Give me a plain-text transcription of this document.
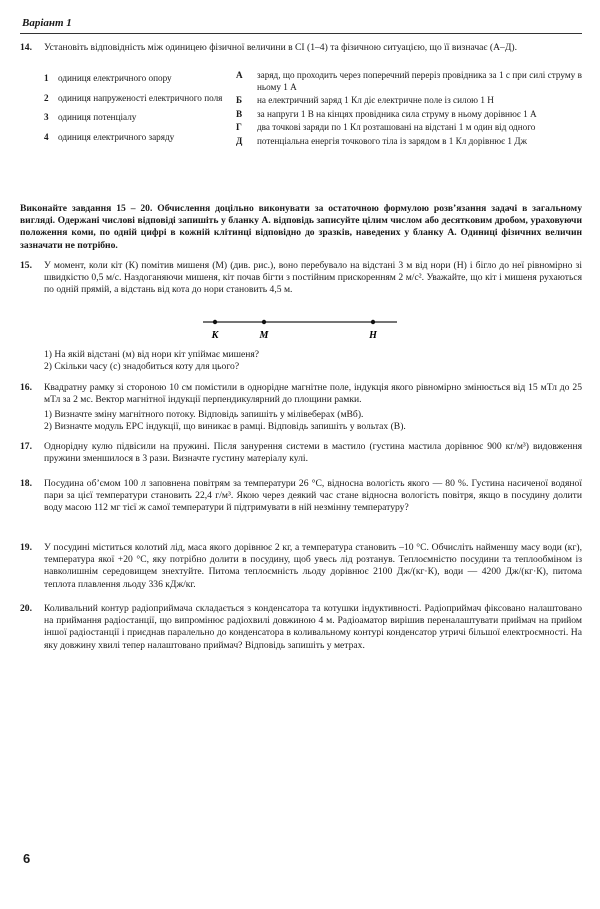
Варіант 1
14. Установіть відповідність між одиницею фізичної величини в СІ (1–4) та фізичною ситуацією, що її визначає (А–Д).
1 одиниця електричного опору
2 одиниця напруженості електричного поля
3 одиниця потенціалу
4 одиниця електричного заряду
А заряд, що проходить через поперечний переріз провідника за 1 с при силі струму в ньому 1 А
Б на електричний заряд 1 Кл діє електричне поле із силою 1 Н
В за напруги 1 В на кінцях провідника сила струму в ньому дорівнює 1 А
Г два точкові заряди по 1 Кл розташовані на відстані 1 м один від одного
Д потенціальна енергія точкового тіла із зарядом в 1 Кл дорівнює 1 Дж
Виконайте завдання 15 – 20. Обчислення доцільно виконувати за остаточною формулою розв’язання задачі в загальному вигляді. Одержані числові відповіді запишіть у бланку А. відповідь записуйте цілим числом або десятковим дробом, ураховуючи положення коми, по одній цифрі в кожній клітинці відповідно до зразків, наведених у бланку А. Одиниці фізичних величин зазначати не потрібно.
15. У момент, коли кіт (К) помітив мишеня (М) (див. рис.), воно перебувало на відстані 3 м від нори (Н) і бігло до неї рівномірно зі швидкістю 0,5 м/с. Наздоганяючи мишеня, кіт почав бігти з постійним прискоренням 2 м/с². Уважайте, що кіт і мишеня рухаються по одній прямій, а відстань від кота до нори становить 4,5 м.
К	М	Н
1) На якій відстані (м) від нори кіт упіймає мишеня?
2) Скільки часу (с) знадобиться коту для цього?
16. Квадратну рамку зі стороною 10 см помістили в однорідне магнітне поле, індукція якого рівномірно змінюється від 15 мТл до 25 мТл за 2 мс. Вектор магнітної індукції перпендикулярний до площини рамки.
1) Визначте зміну магнітного потоку. Відповідь запишіть у мілівеберах (мВб).
2) Визначте модуль ЕРС індукції, що виникає в рамці. Відповідь запишіть у вольтах (В).
17. Однорідну кулю підвісили на пружині. Після занурення системи в мастило (густина мастила дорівнює 900 кг/м³) видовження пружини зменшилося в 3 рази. Визначте густину матеріалу кулі.
18. Посудина об’ємом 100 л заповнена повітрям за температури 26 °С, відносна вологість якого — 80 %. Густина насиченої водяної пари за цієї температури становить 22,4 г/м³. Якою через деякий час стане відносна вологість повітря, якщо в посудину долити воду масою 112 мг тієї ж самої температури й підтримувати в ній незмінну температуру?
19. У посудині міститься колотий лід, маса якого дорівнює 2 кг, а температура становить –10 °С. Обчисліть найменшу масу води (кг), температура якої +20 °С, яку потрібно долити в посудину, щоб увесь лід розтанув. Теплоємністю посудини та теплообміном із навколишнім середовищем знехтуйте. Питома теплоємність льоду дорівнює 2100 Дж/(кг·К), води — 4200 Дж/(кг·К), питома теплота плавлення льоду 336 кДж/кг.
20. Коливальний контур радіоприймача складається з конденсатора та котушки індуктивності. Радіоприймач фіксовано налаштовано на приймання радіостанції, що випромінює радіохвилі довжиною 4 м. Радіоаматор вирішив переналаштувати приймач на прийом іншої радіостанції і приєднав паралельно до конденсатора в коливальному контурі конденсатор утричі більшої електроємності. На яку довжину хвилі тепер налаштовано приймач? Відповідь запишіть у метрах.
6
